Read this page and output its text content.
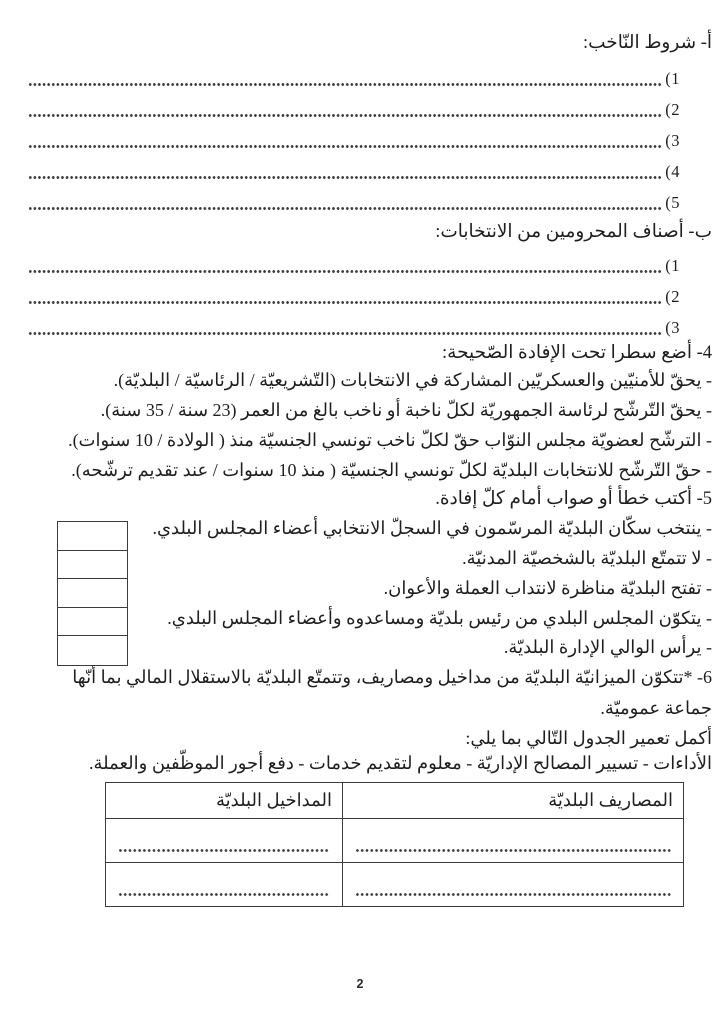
أ- شروط النّاخب:
(1
(2
(3
(4
(5
ب- أصناف المحرومين من الانتخابات:
(1
(2
(3
4- أضع سطرا تحت الإفادة الصّحيحة:
- يحقّ للأمنيّين والعسكريّين المشاركة في الانتخابات (التّشريعيّة / الرئاسيّة / البلديّة).
- يحقّ التّرشّح لرئاسة الجمهوريّة لكلّ ناخبة أو ناخب بالغ من العمر (23 سنة / 35 سنة).
- الترشّح لعضويّة مجلس النوّاب حقّ لكلّ ناخب تونسي الجنسيّة منذ ( الولادة / 10 سنوات).
- حقّ التّرشّح للانتخابات البلديّة لكلّ تونسي الجنسيّة ( منذ 10 سنوات / عند تقديم ترشّحه).
5- أكتب خطأ أو صواب أمام كلّ إفادة.
- ينتخب سكّان البلديّة المرسّمون في السجلّ الانتخابي أعضاء المجلس البلدي.
- لا تتمتّع البلديّة بالشخصيّة المدنيّة.
- تفتح البلديّة مناظرة لانتداب العملة والأعوان.
- يتكوّن المجلس البلدي من رئيس بلديّة ومساعدوه وأعضاء المجلس البلدي.
- يرأس الوالي الإدارة البلديّة.
6- *تتكوّن الميزانيّة البلديّة من مداخيل ومصاريف، وتتمتّع البلديّة بالاستقلال المالي بما أنّها
جماعة عموميّة.
أكمل تعمير الجدول التّالي بما يلي:
الأداءات - تسيير المصالح الإداريّة - معلوم لتقديم خدمات - دفع أجور الموظّفين والعملة.
المصاريف البلديّة	المداخيل البلديّة

2
